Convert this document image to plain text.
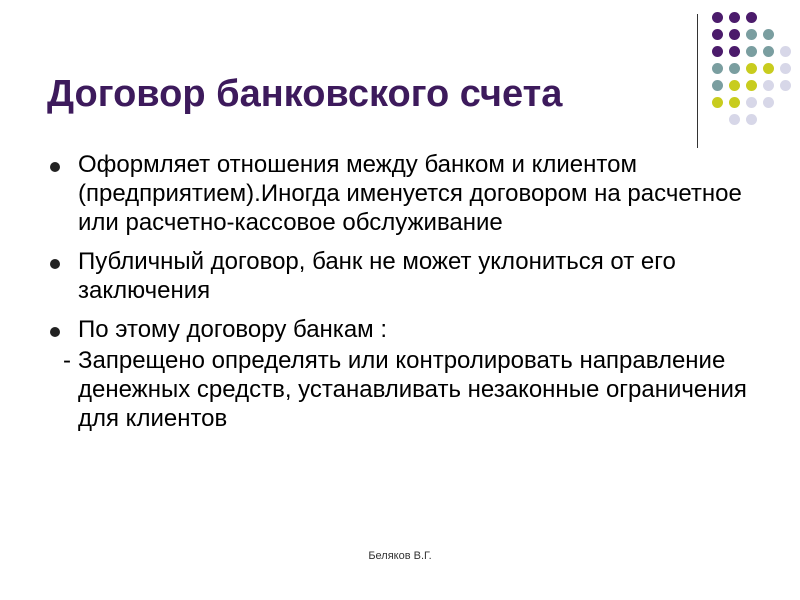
Договор банковского счета
Оформляет отношения между банком и клиентом (предприятием).Иногда именуется договором на расчетное или расчетно-кассовое обслуживание
Публичный договор, банк не может уклониться от его заключения
По этому договору банкам :
- Запрещено определять или контролировать направление денежных средств, устанавливать незаконные ограничения для клиентов
Беляков В.Г.
